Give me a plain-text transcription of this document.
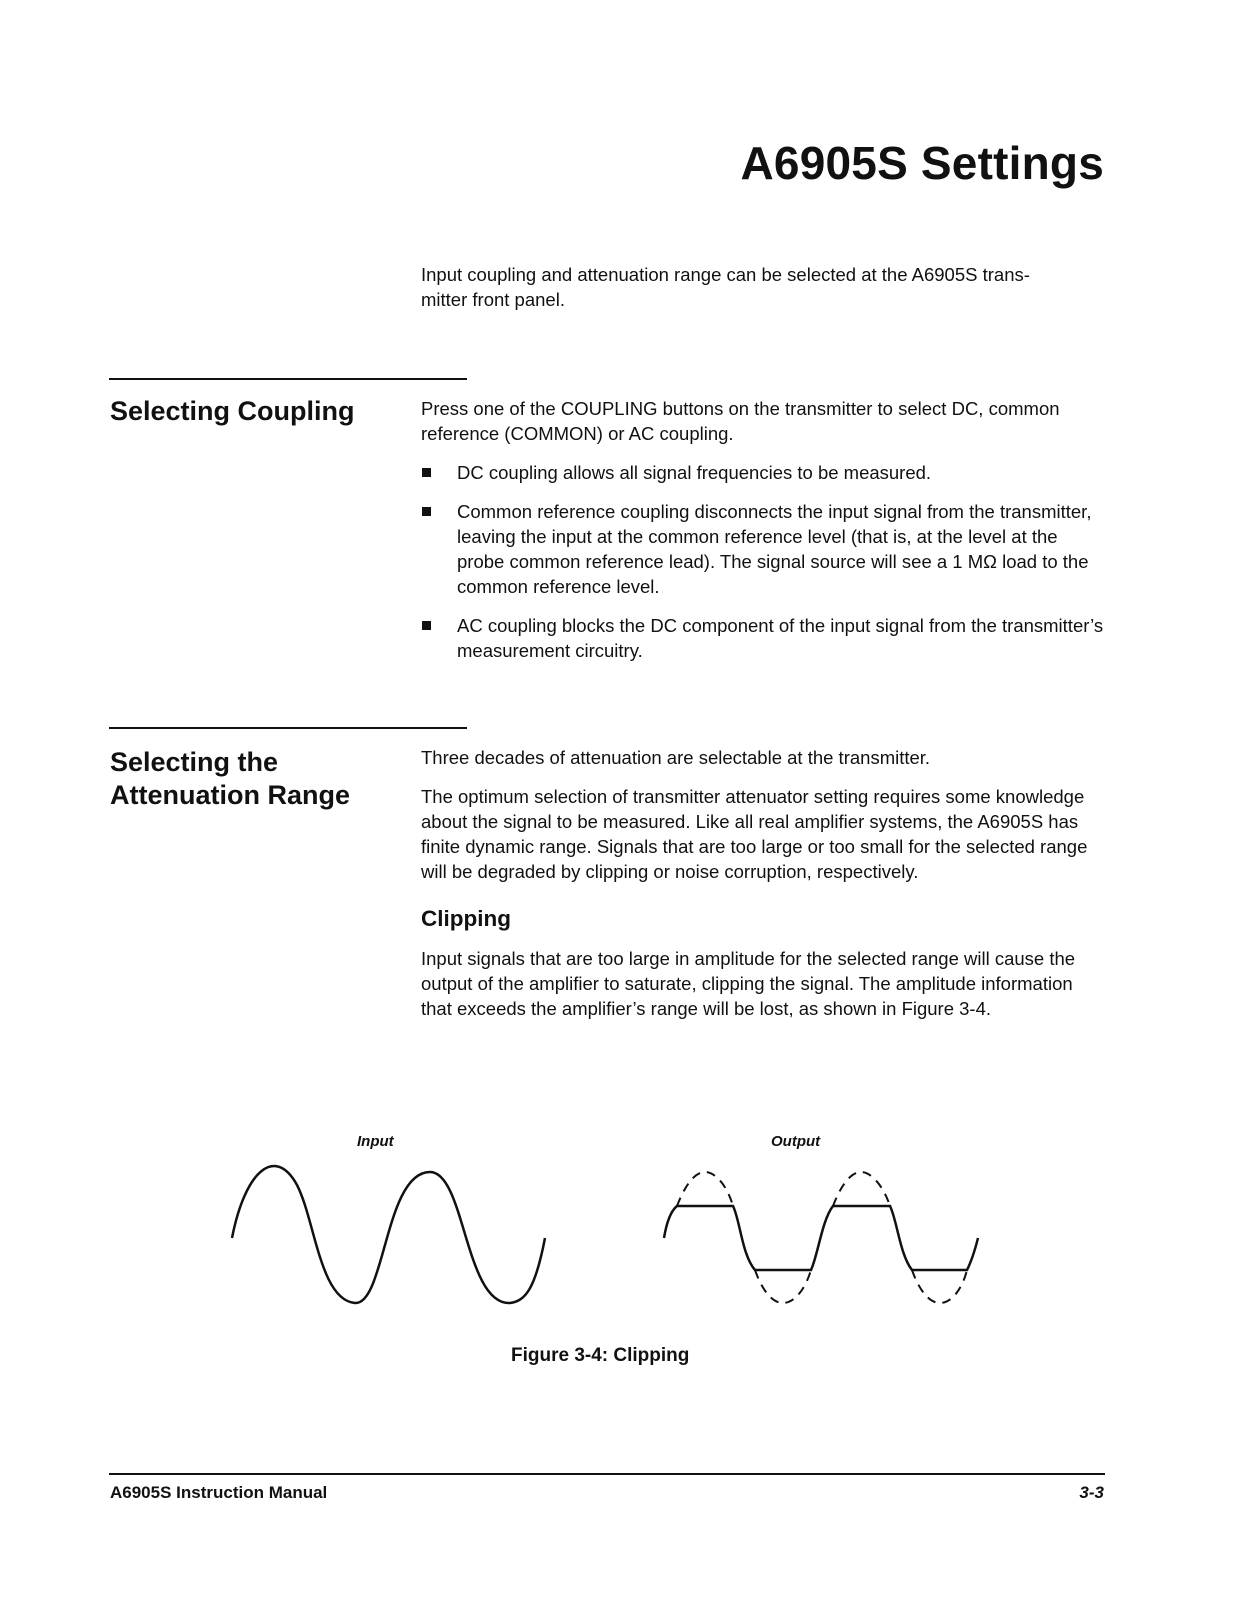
A6905S Settings

Input coupling and attenuation range can be selected at the A6905S trans-
mitter front panel.

Selecting Coupling	Press one of the COUPLING buttons on the transmitter to select DC, common reference (COMMON) or AC coupling.

DC coupling allows all signal frequencies to be measured.
Common reference coupling disconnects the input signal from the transmitter, leaving the input at the common reference level (that is, at the level at the probe common reference lead). The signal source will see a 1 MΩ load to the common reference level.
AC coupling blocks the DC component of the input signal from the transmitter’s measurement circuitry.
Selecting the
Attenuation Range

Three decades of attenuation are selectable at the transmitter.

The optimum selection of transmitter attenuator setting requires some knowledge about the signal to be measured. Like all real amplifier systems, the A6905S has finite dynamic range. Signals that are too large or too small for the selected range will be degraded by clipping or noise corruption, respectively.

Clipping

Input signals that are too large in amplitude for the selected range will cause the output of the amplifier to saturate, clipping the signal. The amplitude information that exceeds the amplifier’s range will be lost, as shown in Figure 3-4.

Input	Output
Figure 3-4: Clipping
A6905S Instruction Manual	3-3
